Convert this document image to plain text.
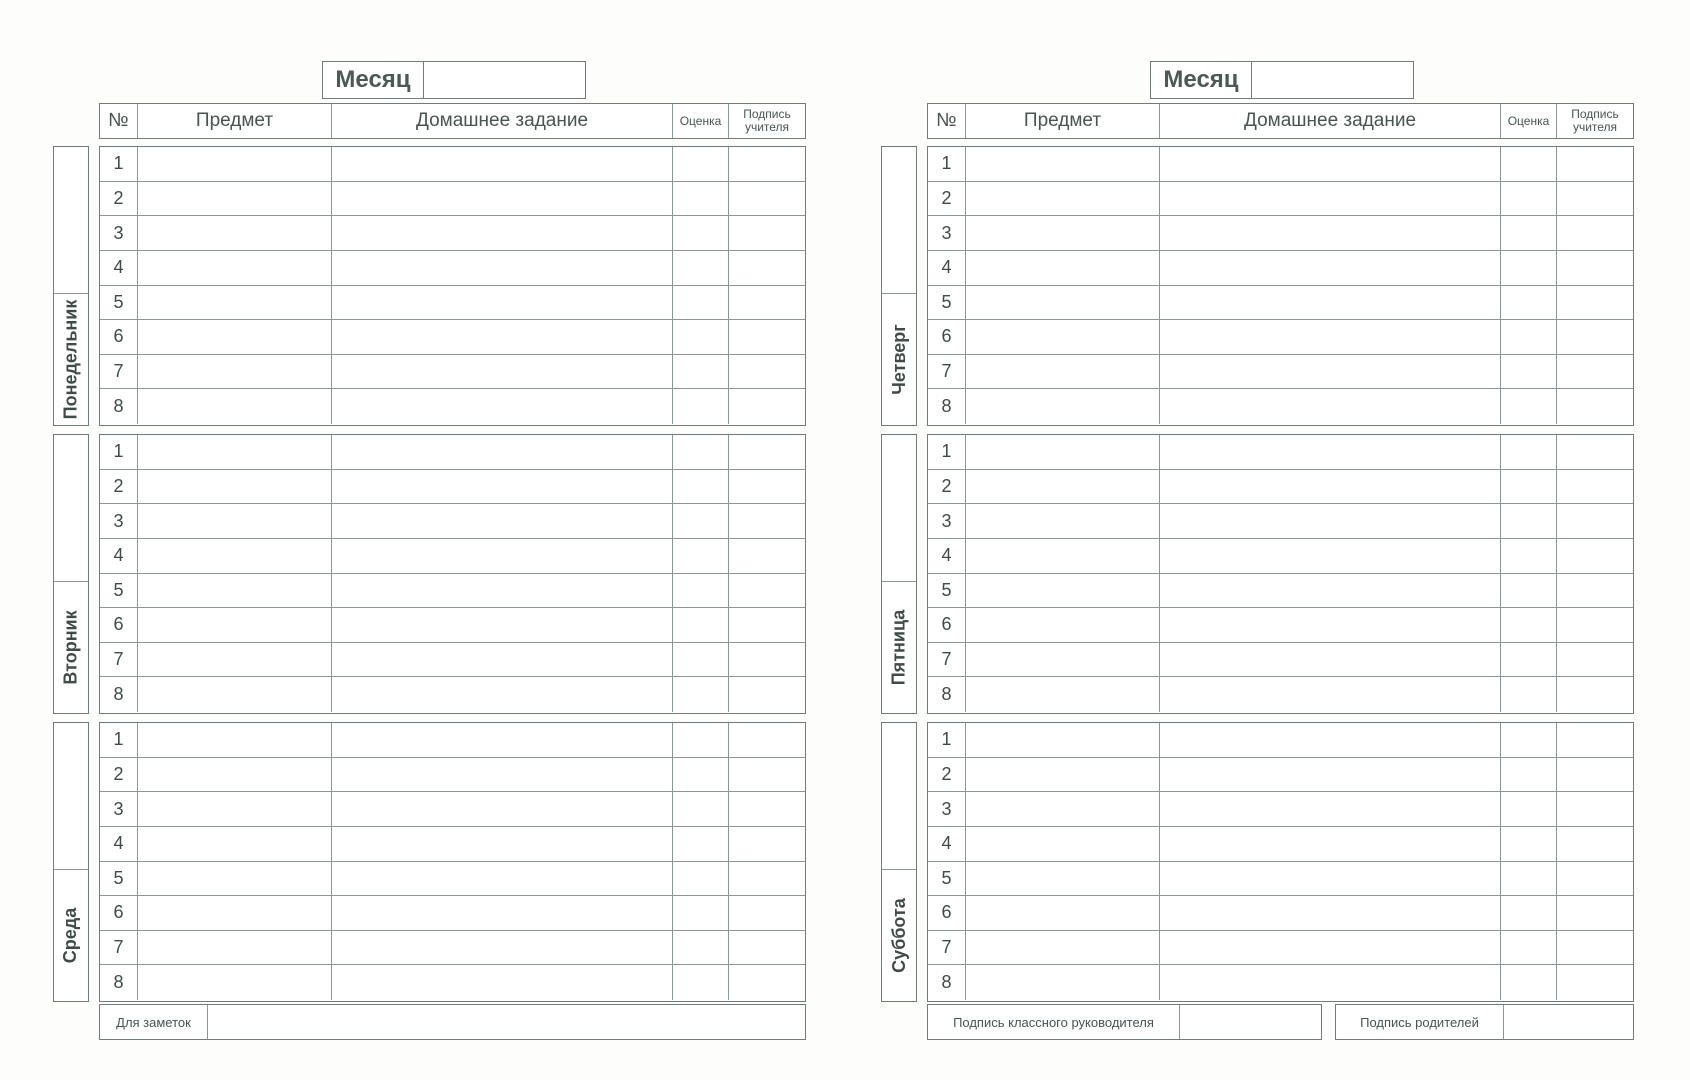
Месяц
№	Предмет	Домашнее задание	Оценка	Подпись
учителя
Для заметок
Понедельник
1
2
3
4
5
6
7
8
Вторник
1
2
3
4
5
6
7
8
Среда
1
2
3
4
5
6
7
8
Месяц
№	Предмет	Домашнее задание	Оценка	Подпись
учителя
Подпись классного руководителя	Подпись родителей
Четверг
1
2
3
4
5
6
7
8
Пятница
1
2
3
4
5
6
7
8
Суббота
1
2
3
4
5
6
7
8
